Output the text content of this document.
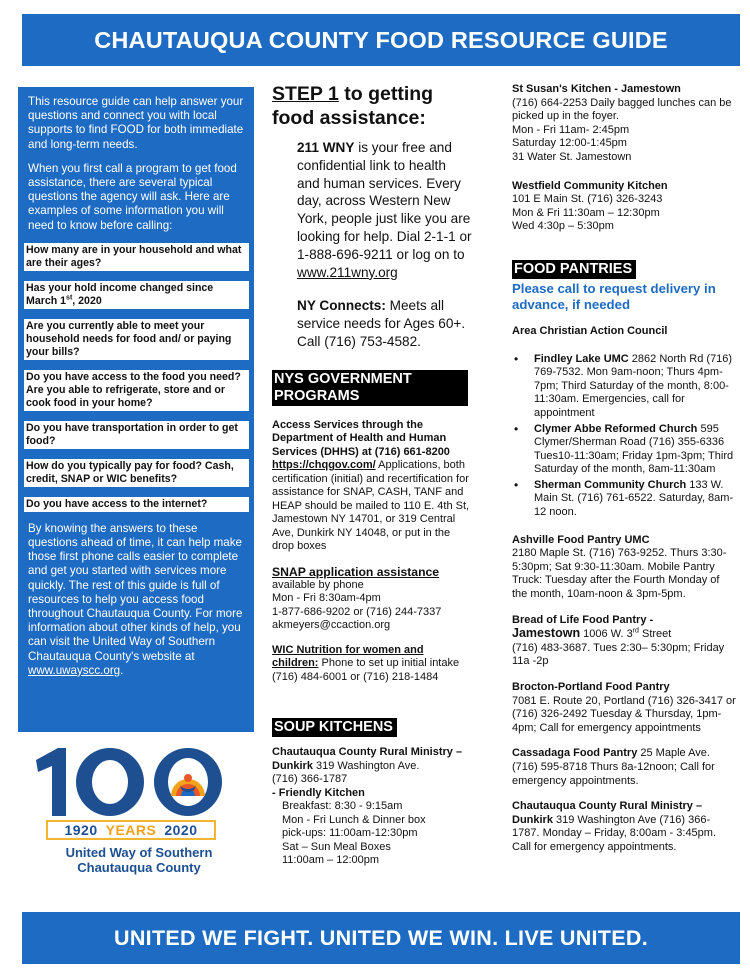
CHAUTAUQUA COUNTY FOOD RESOURCE GUIDE

This resource guide can help answer your questions and connect you with local supports to find FOOD for both immediate and long-term needs.

When you first call a program to get food assistance, there are several typical questions the agency will ask. Here are examples of some information you will need to know before calling:

How many are in your household and what are their ages?
Has your hold income changed since March 1st, 2020
Are you currently able to meet your household needs for food and/ or paying your bills?
Do you have access to the food you need? Are you able to refrigerate, store and or cook food in your home?
Do you have transportation in order to get food?
How do you typically pay for food? Cash, credit, SNAP or WIC benefits?
Do you have access to the internet?

By knowing the answers to these questions ahead of time, it can help make those first phone calls easier to complete and get you started with services more quickly. The rest of this guide is full of resources to help you access food throughout Chautauqua County. For more information about other kinds of help, you can visit the United Way of Southern Chautauqua County's website at www.uwayscc.org.

1920 YEARS 2020
United Way of Southern
Chautauqua County
STEP 1 to getting food assistance:

211 WNY is your free and confidential link to health and human services. Every day, across Western New York, people just like you are looking for help. Dial 2-1-1 or 1-888-696-9211 or log on to www.211wny.org

NY Connects: Meets all service needs for Ages 60+. Call (716) 753-4582.

NYS GOVERNMENT PROGRAMS
Access Services through the Department of Health and Human Services (DHHS) at (716) 661-8200
https://chqgov.com/ Applications, both certification (initial) and recertification for assistance for SNAP, CASH, TANF and HEAP should be mailed to 110 E. 4th St, Jamestown NY 14701, or 319 Central Ave, Dunkirk NY 14048, or put in the drop boxes
SNAP application assistance
available by phone
Mon - Fri 8:30am-4pm
1-877-686-9202 or (716) 244-7337
akmeyers@ccaction.org
WIC Nutrition for women and children: Phone to set up initial intake (716) 484-6001 or (716) 218-1484
SOUP KITCHENS
Chautauqua County Rural Ministry – Dunkirk 319 Washington Ave.
(716) 366-1787
- Friendly Kitchen
Breakfast: 8:30 - 9:15am
Mon - Fri Lunch & Dinner box
pick-ups: 11:00am-12:30pm
Sat – Sun Meal Boxes
11:00am – 12:00pm
St Susan's Kitchen - Jamestown
(716) 664-2253 Daily bagged lunches can be picked up in the foyer.
Mon - Fri 11am- 2:45pm
Saturday 12:00-1:45pm
31 Water St. Jamestown
Westfield Community Kitchen
101 E Main St. (716) 326-3243
Mon & Fri 11:30am – 12:30pm
Wed 4:30p – 5:30pm
FOOD PANTRIES
Please call to request delivery in advance, if needed
Area Christian Action Council
• Findley Lake UMC 2862 North Rd (716) 769-7532. Mon 9am-noon; Thurs 4pm-7pm; Third Saturday of the month, 8:00-11:30am. Emergencies, call for appointment
• Clymer Abbe Reformed Church 595 Clymer/Sherman Road (716) 355-6336 Tues10-11:30am; Friday 1pm-3pm; Third Saturday of the month, 8am-11:30am
• Sherman Community Church 133 W. Main St. (716) 761-6522. Saturday, 8am-12 noon.
Ashville Food Pantry UMC
2180 Maple St. (716) 763-9252. Thurs 3:30-5:30pm; Sat 9:30-11:30am. Mobile Pantry Truck: Tuesday after the Fourth Monday of the month, 10am-noon & 3pm-5pm.
Bread of Life Food Pantry -
Jamestown 1006 W. 3rd Street
(716) 483-3687. Tues 2:30– 5:30pm; Friday 11a -2p
Brocton-Portland Food Pantry
7081 E. Route 20, Portland (716) 326-3417 or (716) 326-2492 Tuesday & Thursday, 1pm-4pm; Call for emergency appointments
Cassadaga Food Pantry 25 Maple Ave. (716) 595-8718 Thurs 8a-12noon; Call for emergency appointments.
Chautauqua County Rural Ministry – Dunkirk 319 Washington Ave (716) 366-1787. Monday – Friday, 8:00am - 3:45pm. Call for emergency appointments.
UNITED WE FIGHT. UNITED WE WIN. LIVE UNITED.
